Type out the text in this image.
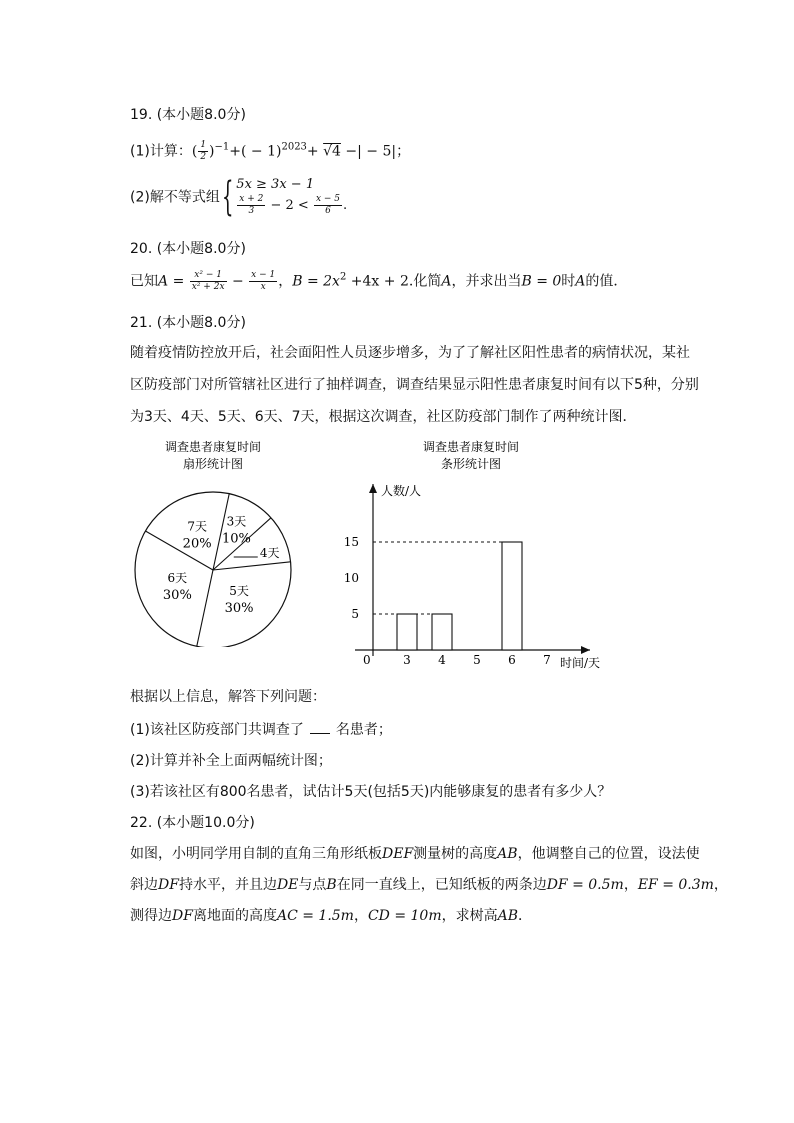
19. (本小题8.0分)
(1)计算：( $\frac{1}{2} )^{-1}+( - 1)^{2023}+ √4$ −| − 5|；
(2)解不等式组{ 5x ≥ 3x − 1
$\frac{x + 2}{3} - 2 < \frac{x - 5}{6}$ .
20. (本小题8.0分)
已知$A = \frac{\text{x² − 1}}{\text{x² + 2x}} - \frac{x - 1}{x}$ ，$B = 2x^2 +4x + 2$.化简A，并求出当B = 0时A的值．
21. (本小题8.0分)
随着疫情防控放开后，社会面阳性人员逐步增多，为了了解社区阳性患者的病情状况，某社
区防疫部门对所管辖社区进行了抽样调查，调查结果显示阳性患者康复时间有以下5种，分别
为3天、4天、5天、6天、7天，根据这次调查，社区防疫部门制作了两种统计图．
调查患者康复时间
扇形统计图
3天
10%
4天
____
5天
30%
6天
30%
7天
20%
调查患者康复时间
条形统计图
人数/人
时间/天
0
5
10
15
3 4 5 6 7
根据以上信息，解答下列问题：
(1)该社区防疫部门共调查了 名患者；
(2)计算并补全上面两幅统计图；
(3)若该社区有800名患者，试估计5天(包括5天)内能够康复的患者有多少人？
22. (本小题10.0分)
如图，小明同学用自制的直角三角形纸板DEF测量树的高度AB，他调整自己的位置，设法使
斜边DF持水平，并且边DE与点B在同一直线上，已知纸板的两条边DF = 0.5m，EF = 0.3m，
测得边DF离地面的高度AC = 1.5m，CD = 10m，求树高AB．
